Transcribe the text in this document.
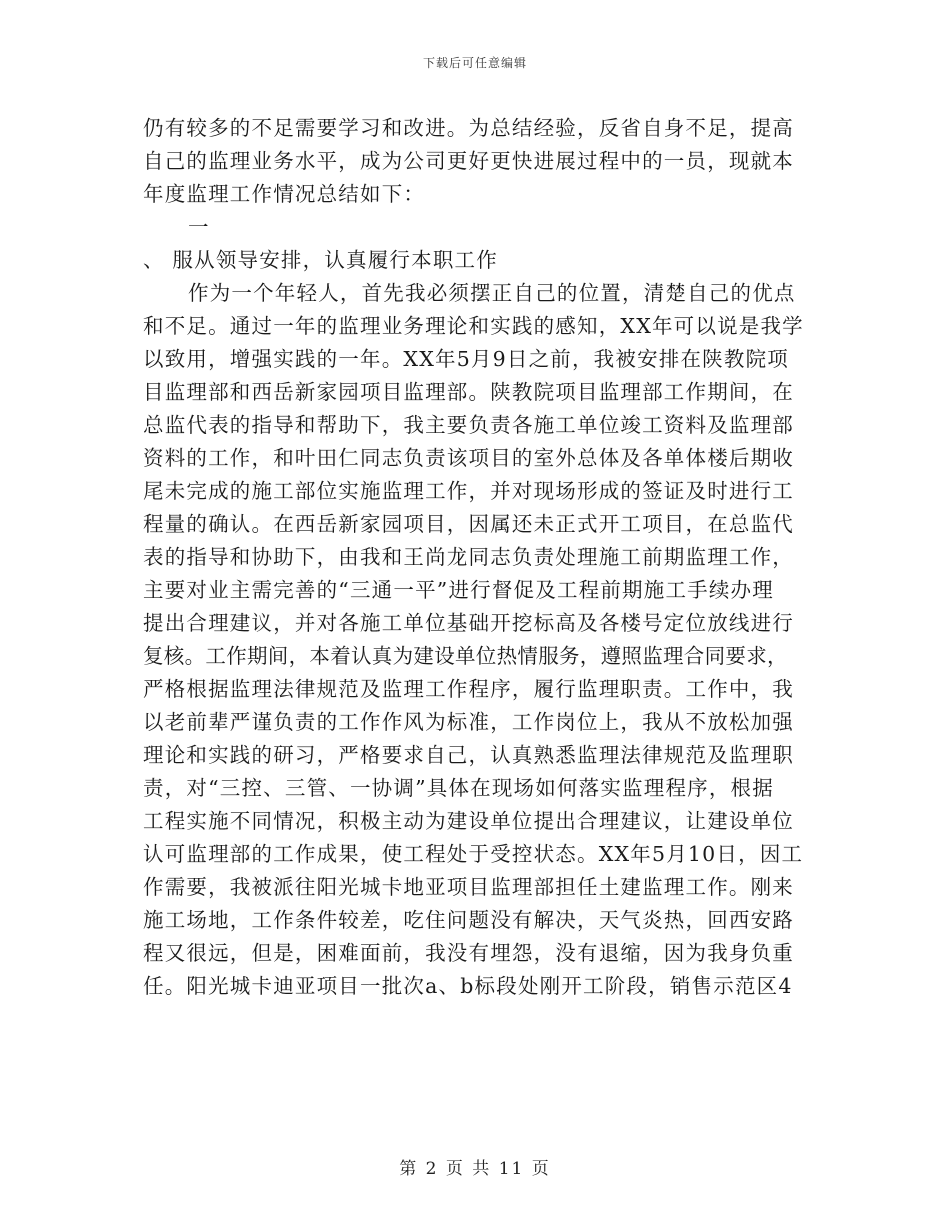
下载后可任意编辑
仍有较多的不足需要学习和改进。为总结经验，反省自身不足，提高
自己的监理业务水平，成为公司更好更快进展过程中的一员，现就本
年度监理工作情况总结如下：
一
、 服从领导安排，认真履行本职工作
作为一个年轻人，首先我必须摆正自己的位置，清楚自己的优点
和不足。通过一年的监理业务理论和实践的感知，XX年可以说是我学
以致用，增强实践的一年。XX年5月9日之前，我被安排在陕教院项
目监理部和西岳新家园项目监理部。陕教院项目监理部工作期间，在
总监代表的指导和帮助下，我主要负责各施工单位竣工资料及监理部
资料的工作，和叶田仁同志负责该项目的室外总体及各单体楼后期收
尾未完成的施工部位实施监理工作，并对现场形成的签证及时进行工
程量的确认。在西岳新家园项目，因属还未正式开工项目，在总监代
表的指导和协助下，由我和王尚龙同志负责处理施工前期监理工作，
主要对业主需完善的“三通一平”进行督促及工程前期施工手续办理
提出合理建议，并对各施工单位基础开挖标高及各楼号定位放线进行
复核。工作期间，本着认真为建设单位热情服务，遵照监理合同要求，
严格根据监理法律规范及监理工作程序，履行监理职责。工作中，我
以老前辈严谨负责的工作作风为标准，工作岗位上，我从不放松加强
理论和实践的研习，严格要求自己，认真熟悉监理法律规范及监理职
责，对“三控、三管、一协调”具体在现场如何落实监理程序，根据
工程实施不同情况，积极主动为建设单位提出合理建议，让建设单位
认可监理部的工作成果，使工程处于受控状态。XX年5月10日，因工
作需要，我被派往阳光城卡地亚项目监理部担任土建监理工作。刚来
施工场地，工作条件较差，吃住问题没有解决，天气炎热，回西安路
程又很远，但是，困难面前，我没有埋怨，没有退缩，因为我身负重
任。阳光城卡迪亚项目一批次a、b标段处刚开工阶段，销售示范区4
第 2 页 共 11 页
